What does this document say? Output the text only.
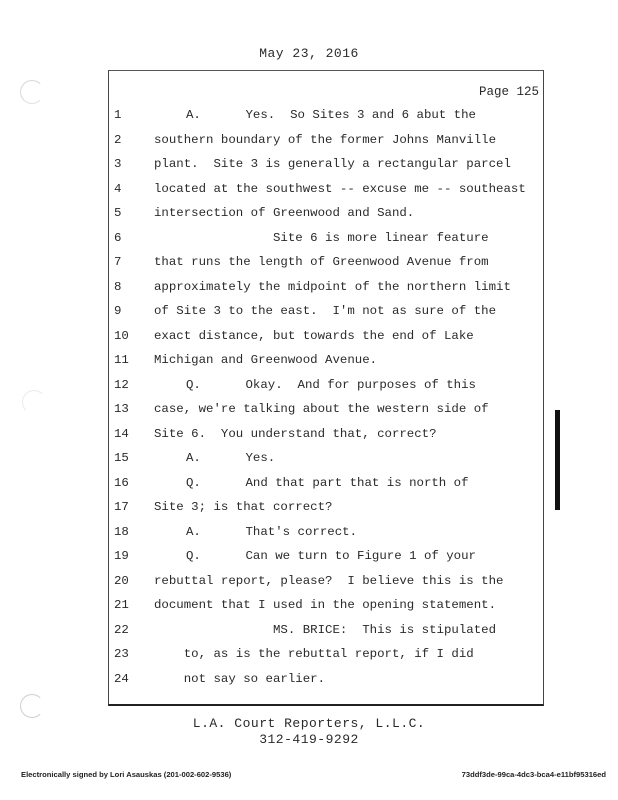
May 23, 2016
Page 125
1	A.      Yes.  So Sites 3 and 6 abut the
2	southern boundary of the former Johns Manville
3	plant.  Site 3 is generally a rectangular parcel
4	located at the southwest -- excuse me -- southeast
5	intersection of Greenwood and Sand.
6	Site 6 is more linear feature
7	that runs the length of Greenwood Avenue from
8	approximately the midpoint of the northern limit
9	of Site 3 to the east.  I'm not as sure of the
10	exact distance, but towards the end of Lake
11	Michigan and Greenwood Avenue.
12	Q.      Okay.  And for purposes of this
13	case, we're talking about the western side of
14	Site 6.  You understand that, correct?
15	A.      Yes.
16	Q.      And that part that is north of
17	Site 3; is that correct?
18	A.      That's correct.
19	Q.      Can we turn to Figure 1 of your
20	rebuttal report, please?  I believe this is the
21	document that I used in the opening statement.
22	MS. BRICE:  This is stipulated
23	to, as is the rebuttal report, if I did
24	not say so earlier.
L.A. Court Reporters, L.L.C.
312-419-9292
Electronically signed by Lori Asauskas (201-002-602-9536)	73ddf3de-99ca-4dc3-bca4-e11bf95316ed
